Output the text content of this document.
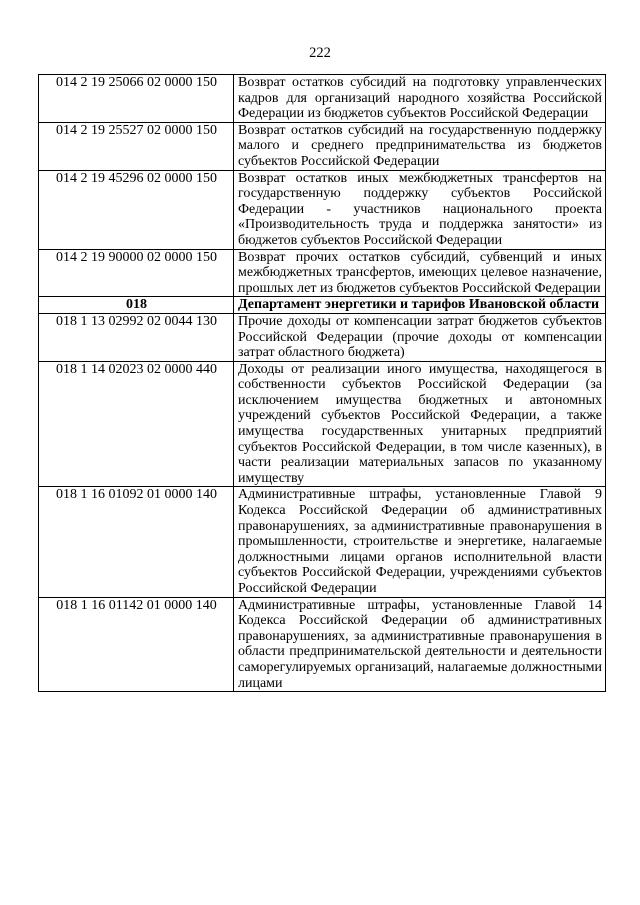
222
014 2 19 25066 02 0000 150	Возврат остатков субсидий на подготовку управленческих кадров для организаций народного хозяйства Российской Федерации из бюджетов субъектов Российской Федерации
014 2 19 25527 02 0000 150	Возврат остатков субсидий на государственную поддержку малого и среднего предпринимательства из бюджетов субъектов Российской Федерации
014 2 19 45296 02 0000 150	Возврат остатков иных межбюджетных трансфертов на государственную поддержку субъектов Российской Федерации - участников национального проекта «Производительность труда и поддержка занятости» из бюджетов субъектов Российской Федерации
014 2 19 90000 02 0000 150	Возврат прочих остатков субсидий, субвенций и иных межбюджетных трансфертов, имеющих целевое назначение, прошлых лет из бюджетов субъектов Российской Федерации
018	Департамент энергетики и тарифов Ивановской области
018 1 13 02992 02 0044 130	Прочие доходы от компенсации затрат бюджетов субъектов Российской Федерации (прочие доходы от компенсации затрат областного бюджета)
018 1 14 02023 02 0000 440	Доходы от реализации иного имущества, находящегося в собственности субъектов Российской Федерации (за исключением имущества бюджетных и автономных учреждений субъектов Российской Федерации, а также имущества государственных унитарных предприятий субъектов Российской Федерации, в том числе казенных), в части реализации материальных запасов по указанному имуществу
018 1 16 01092 01 0000 140	Административные штрафы, установленные Главой 9 Кодекса Российской Федерации об административных правонарушениях, за административные правонарушения в промышленности, строительстве и энергетике, налагаемые должностными лицами органов исполнительной власти субъектов Российской Федерации, учреждениями субъектов Российской Федерации
018 1 16 01142 01 0000 140	Административные штрафы, установленные Главой 14 Кодекса Российской Федерации об административных правонарушениях, за административные правонарушения в области предпринимательской деятельности и деятельности саморегулируемых организаций, налагаемые должностными лицами
